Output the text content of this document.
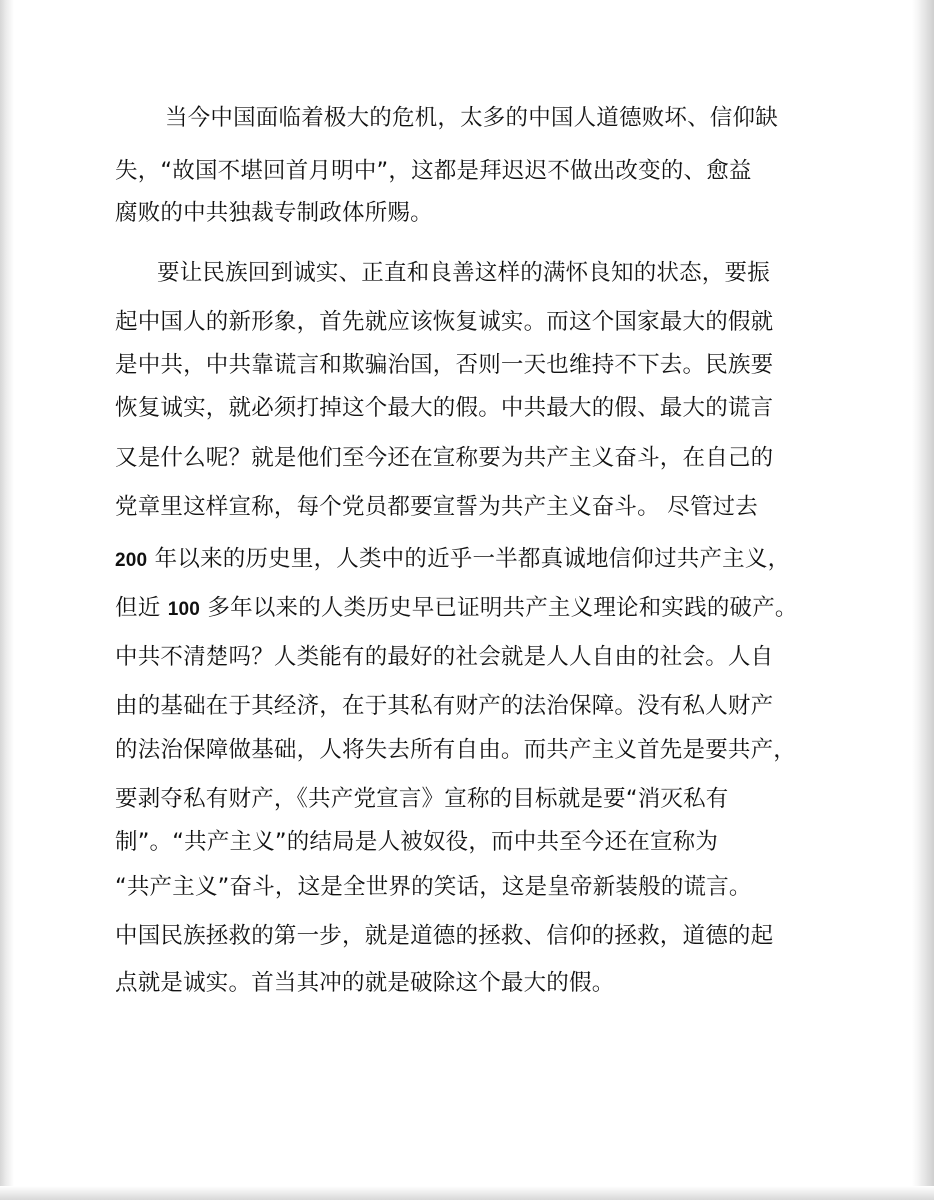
当今中国面临着极大的危机，太多的中国人道德败坏、信仰缺
失，“故国不堪回首月明中”，这都是拜迟迟不做出改变的、愈益
腐败的中共独裁专制政体所赐。
要让民族回到诚实、正直和良善这样的满怀良知的状态，要振
起中国人的新形象，首先就应该恢复诚实。而这个国家最大的假就
是中共，中共靠谎言和欺骗治国，否则一天也维持不下去。民族要
恢复诚实，就必须打掉这个最大的假。中共最大的假、最大的谎言
又是什么呢？就是他们至今还在宣称要为共产主义奋斗，在自己的
党章里这样宣称，每个党员都要宣誓为共产主义奋斗。 尽管过去
200 年以来的历史里，人类中的近乎一半都真诚地信仰过共产主义，
但近 100 多年以来的人类历史早已证明共产主义理论和实践的破产。
中共不清楚吗？人类能有的最好的社会就是人人自由的社会。人自
由的基础在于其经济，在于其私有财产的法治保障。没有私人财产
的法治保障做基础，人将失去所有自由。而共产主义首先是要共产，
要剥夺私有财产，《共产党宣言》宣称的目标就是要“消灭私有
制”。“共产主义”的结局是人被奴役，而中共至今还在宣称为
“共产主义”奋斗，这是全世界的笑话，这是皇帝新装般的谎言。
中国民族拯救的第一步，就是道德的拯救、信仰的拯救，道德的起
点就是诚实。首当其冲的就是破除这个最大的假。
